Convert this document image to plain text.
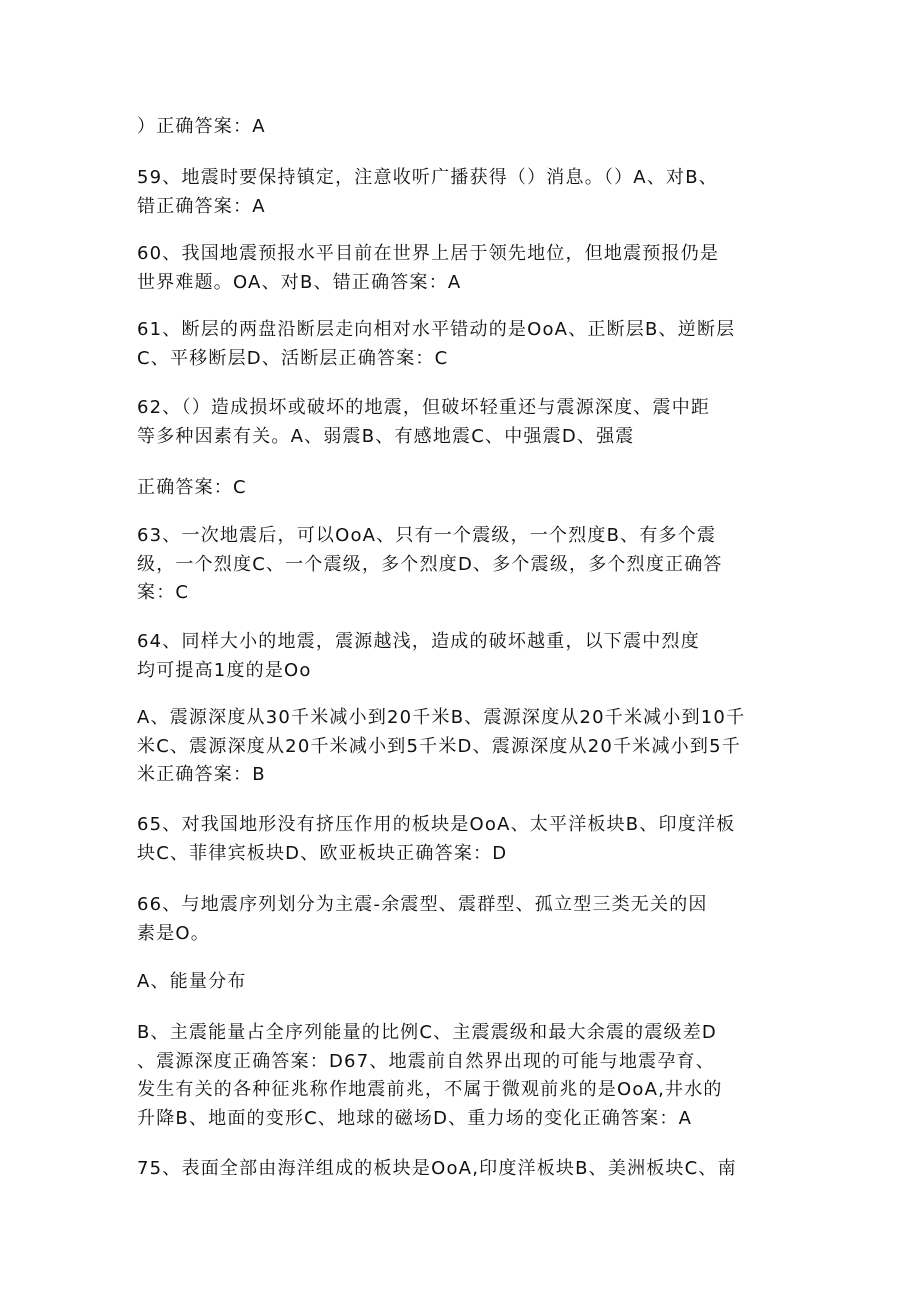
）正确答案：A

59、地震时要保持镇定，注意收听广播获得（）消息。（）A、对B、
错正确答案：A

60、我国地震预报水平目前在世界上居于领先地位，但地震预报仍是
世界难题。OA、对B、错正确答案：A

61、断层的两盘沿断层走向相对水平错动的是OoA、正断层B、逆断层
C、平移断层D、活断层正确答案：C

62、（）造成损坏或破坏的地震，但破坏轻重还与震源深度、震中距
等多种因素有关。A、弱震B、有感地震C、中强震D、强震

正确答案：C

63、一次地震后，可以OoA、只有一个震级，一个烈度B、有多个震
级，一个烈度C、一个震级，多个烈度D、多个震级，多个烈度正确答
案：C

64、同样大小的地震，震源越浅，造成的破坏越重，以下震中烈度
均可提高1度的是Oo

A、震源深度从30千米减小到20千米B、震源深度从20千米减小到10千
米C、震源深度从20千米减小到5千米D、震源深度从20千米减小到5千
米正确答案：B

65、对我国地形没有挤压作用的板块是OoA、太平洋板块B、印度洋板
块C、菲律宾板块D、欧亚板块正确答案：D

66、与地震序列划分为主震-余震型、震群型、孤立型三类无关的因
素是O。

A、能量分布

B、主震能量占全序列能量的比例C、主震震级和最大余震的震级差D
、震源深度正确答案：D67、地震前自然界出现的可能与地震孕育、
发生有关的各种征兆称作地震前兆，不属于微观前兆的是OoA,井水的
升降B、地面的变形C、地球的磁场D、重力场的变化正确答案：A

75、表面全部由海洋组成的板块是OoA,印度洋板块B、美洲板块C、南
